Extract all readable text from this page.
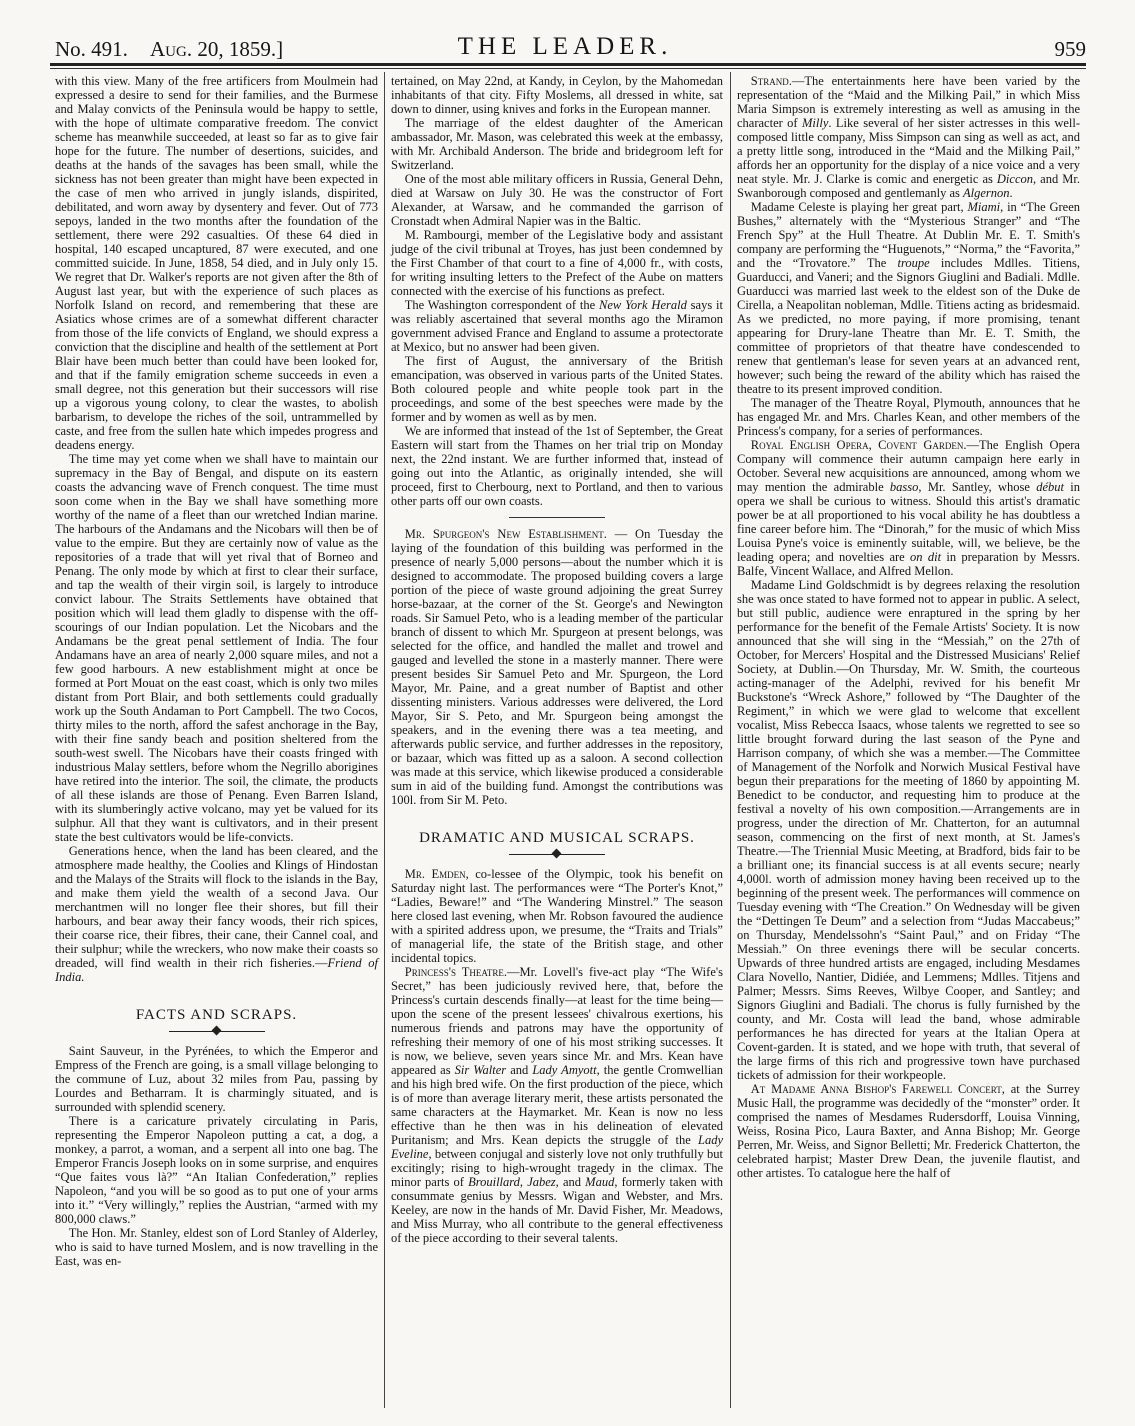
No. 491. Aug. 20, 1859.]	THE LEADER.	959

with this view. Many of the free artificers from Moulmein had expressed a desire to send for their families, and the Burmese and Malay convicts of the Peninsula would be happy to settle, with the hope of ultimate comparative freedom. The convict scheme has meanwhile succeeded, at least so far as to give fair hope for the future. The number of desertions, suicides, and deaths at the hands of the savages has been small, while the sickness has not been greater than might have been expected in the case of men who arrived in jungly islands, dispirited, debilitated, and worn away by dysentery and fever. Out of 773 sepoys, landed in the two months after the foundation of the settlement, there were 292 casualties. Of these 64 died in hospital, 140 escaped uncaptured, 87 were executed, and one committed suicide. In June, 1858, 54 died, and in July only 15. We regret that Dr. Walker's reports are not given after the 8th of August last year, but with the experience of such places as Norfolk Island on record, and remembering that these are Asiatics whose crimes are of a somewhat different character from those of the life convicts of England, we should express a conviction that the discipline and health of the settlement at Port Blair have been much better than could have been looked for, and that if the family emigration scheme succeeds in even a small degree, not this generation but their successors will rise up a vigorous young colony, to clear the wastes, to abolish barbarism, to develope the riches of the soil, untrammelled by caste, and free from the sullen hate which impedes progress and deadens energy.

The time may yet come when we shall have to maintain our supremacy in the Bay of Bengal, and dispute on its eastern coasts the advancing wave of French conquest. The time must soon come when in the Bay we shall have something more worthy of the name of a fleet than our wretched Indian marine. The harbours of the Andamans and the Nicobars will then be of value to the empire. But they are certainly now of value as the repositories of a trade that will yet rival that of Borneo and Penang. The only mode by which at first to clear their surface, and tap the wealth of their virgin soil, is largely to introduce convict labour. The Straits Settlements have obtained that position which will lead them gladly to dispense with the off-scourings of our Indian population. Let the Nicobars and the Andamans be the great penal settlement of India. The four Andamans have an area of nearly 2,000 square miles, and not a few good harbours. A new establishment might at once be formed at Port Mouat on the east coast, which is only two miles distant from Port Blair, and both settlements could gradually work up the South Andaman to Port Campbell. The two Cocos, thirty miles to the north, afford the safest anchorage in the Bay, with their fine sandy beach and position sheltered from the south-west swell. The Nicobars have their coasts fringed with industrious Malay settlers, before whom the Negrillo aborigines have retired into the interior. The soil, the climate, the products of all these islands are those of Penang. Even Barren Island, with its slumberingly active volcano, may yet be valued for its sulphur. All that they want is cultivators, and in their present state the best cultivators would be life-convicts.

Generations hence, when the land has been cleared, and the atmosphere made healthy, the Coolies and Klings of Hindostan and the Malays of the Straits will flock to the islands in the Bay, and make them yield the wealth of a second Java. Our merchantmen will no longer flee their shores, but fill their harbours, and bear away their fancy woods, their rich spices, their coarse rice, their fibres, their cane, their Cannel coal, and their sulphur; while the wreckers, who now make their coasts so dreaded, will find wealth in their rich fisheries.—Friend of India.

FACTS AND SCRAPS.

Saint Sauveur, in the Pyrénées, to which the Emperor and Empress of the French are going, is a small village belonging to the commune of Luz, about 32 miles from Pau, passing by Lourdes and Betharram. It is charmingly situated, and is surrounded with splendid scenery.

There is a caricature privately circulating in Paris, representing the Emperor Napoleon putting a cat, a dog, a monkey, a parrot, a woman, and a serpent all into one bag. The Emperor Francis Joseph looks on in some surprise, and enquires “Que faites vous là?” “An Italian Confederation,” replies Napoleon, “and you will be so good as to put one of your arms into it.” “Very willingly,” replies the Austrian, “armed with my 800,000 claws.”

The Hon. Mr. Stanley, eldest son of Lord Stanley of Alderley, who is said to have turned Moslem, and is now travelling in the East, was en-

tertained, on May 22nd, at Kandy, in Ceylon, by the Mahomedan inhabitants of that city. Fifty Moslems, all dressed in white, sat down to dinner, using knives and forks in the European manner.

The marriage of the eldest daughter of the American ambassador, Mr. Mason, was celebrated this week at the embassy, with Mr. Archibald Anderson. The bride and bridegroom left for Switzerland.

One of the most able military officers in Russia, General Dehn, died at Warsaw on July 30. He was the constructor of Fort Alexander, at Warsaw, and he commanded the garrison of Cronstadt when Admiral Napier was in the Baltic.

M. Rambourgi, member of the Legislative body and assistant judge of the civil tribunal at Troyes, has just been condemned by the First Chamber of that court to a fine of 4,000 fr., with costs, for writing insulting letters to the Prefect of the Aube on matters connected with the exercise of his functions as prefect.

The Washington correspondent of the New York Herald says it was reliably ascertained that several months ago the Miramon government advised France and England to assume a protectorate at Mexico, but no answer had been given.

The first of August, the anniversary of the British emancipation, was observed in various parts of the United States. Both coloured people and white people took part in the proceedings, and some of the best speeches were made by the former and by women as well as by men.

We are informed that instead of the 1st of September, the Great Eastern will start from the Thames on her trial trip on Monday next, the 22nd instant. We are further informed that, instead of going out into the Atlantic, as originally intended, she will proceed, first to Cherbourg, next to Portland, and then to various other parts off our own coasts.

Mr. Spurgeon's New Establishment. — On Tuesday the laying of the foundation of this building was performed in the presence of nearly 5,000 persons—about the number which it is designed to accommodate. The proposed building covers a large portion of the piece of waste ground adjoining the great Surrey horse-bazaar, at the corner of the St. George's and Newington roads. Sir Samuel Peto, who is a leading member of the particular branch of dissent to which Mr. Spurgeon at present belongs, was selected for the office, and handled the mallet and trowel and gauged and levelled the stone in a masterly manner. There were present besides Sir Samuel Peto and Mr. Spurgeon, the Lord Mayor, Mr. Paine, and a great number of Baptist and other dissenting ministers. Various addresses were delivered, the Lord Mayor, Sir S. Peto, and Mr. Spurgeon being amongst the speakers, and in the evening there was a tea meeting, and afterwards public service, and further addresses in the repository, or bazaar, which was fitted up as a saloon. A second collection was made at this service, which likewise produced a considerable sum in aid of the building fund. Amongst the contributions was 100l. from Sir M. Peto.

DRAMATIC AND MUSICAL SCRAPS.

Mr. Emden, co-lessee of the Olympic, took his benefit on Saturday night last. The performances were “The Porter's Knot,” “Ladies, Beware!” and “The Wandering Minstrel.” The season here closed last evening, when Mr. Robson favoured the audience with a spirited address upon, we presume, the “Traits and Trials” of managerial life, the state of the British stage, and other incidental topics.

Princess's Theatre.—Mr. Lovell's five-act play “The Wife's Secret,” has been judiciously revived here, that, before the Princess's curtain descends finally—at least for the time being—upon the scene of the present lessees' chivalrous exertions, his numerous friends and patrons may have the opportunity of refreshing their memory of one of his most striking successes. It is now, we believe, seven years since Mr. and Mrs. Kean have appeared as Sir Walter and Lady Amyott, the gentle Cromwellian and his high bred wife. On the first production of the piece, which is of more than average literary merit, these artists personated the same characters at the Haymarket. Mr. Kean is now no less effective than he then was in his delineation of elevated Puritanism; and Mrs. Kean depicts the struggle of the Lady Eveline, between conjugal and sisterly love not only truthfully but excitingly; rising to high-wrought tragedy in the climax. The minor parts of Brouillard, Jabez, and Maud, formerly taken with consummate genius by Messrs. Wigan and Webster, and Mrs. Keeley, are now in the hands of Mr. David Fisher, Mr. Meadows, and Miss Murray, who all contribute to the general effectiveness of the piece according to their several talents.

Strand.—The entertainments here have been varied by the representation of the “Maid and the Milking Pail,” in which Miss Maria Simpson is extremely interesting as well as amusing in the character of Milly. Like several of her sister actresses in this well-composed little company, Miss Simpson can sing as well as act, and a pretty little song, introduced in the “Maid and the Milking Pail,” affords her an opportunity for the display of a nice voice and a very neat style. Mr. J. Clarke is comic and energetic as Diccon, and Mr. Swanborough composed and gentlemanly as Algernon.

Madame Celeste is playing her great part, Miami, in “The Green Bushes,” alternately with the “Mysterious Stranger” and “The French Spy” at the Hull Theatre. At Dublin Mr. E. T. Smith's company are performing the “Huguenots,” “Norma,” the “Favorita,” and the “Trovatore.” The troupe includes Mdlles. Titiens, Guarducci, and Vaneri; and the Signors Giuglini and Badiali. Mdlle. Guarducci was married last week to the eldest son of the Duke de Cirella, a Neapolitan nobleman, Mdlle. Titiens acting as bridesmaid. As we predicted, no more paying, if more promising, tenant appearing for Drury-lane Theatre than Mr. E. T. Smith, the committee of proprietors of that theatre have condescended to renew that gentleman's lease for seven years at an advanced rent, however; such being the reward of the ability which has raised the theatre to its present improved condition.

The manager of the Theatre Royal, Plymouth, announces that he has engaged Mr. and Mrs. Charles Kean, and other members of the Princess's company, for a series of performances.

Royal English Opera, Covent Garden.—The English Opera Company will commence their autumn campaign here early in October. Several new acquisitions are announced, among whom we may mention the admirable basso, Mr. Santley, whose début in opera we shall be curious to witness. Should this artist's dramatic power be at all proportioned to his vocal ability he has doubtless a fine career before him. The “Dinorah,” for the music of which Miss Louisa Pyne's voice is eminently suitable, will, we believe, be the leading opera; and novelties are on dit in preparation by Messrs. Balfe, Vincent Wallace, and Alfred Mellon.

Madame Lind Goldschmidt is by degrees relaxing the resolution she was once stated to have formed not to appear in public. A select, but still public, audience were enraptured in the spring by her performance for the benefit of the Female Artists' Society. It is now announced that she will sing in the “Messiah,” on the 27th of October, for Mercers' Hospital and the Distressed Musicians' Relief Society, at Dublin.—On Thursday, Mr. W. Smith, the courteous acting-manager of the Adelphi, revived for his benefit Mr Buckstone's “Wreck Ashore,” followed by “The Daughter of the Regiment,” in which we were glad to welcome that excellent vocalist, Miss Rebecca Isaacs, whose talents we regretted to see so little brought forward during the last season of the Pyne and Harrison company, of which she was a member.—The Committee of Management of the Norfolk and Norwich Musical Festival have begun their preparations for the meeting of 1860 by appointing M. Benedict to be conductor, and requesting him to produce at the festival a novelty of his own composition.—Arrangements are in progress, under the direction of Mr. Chatterton, for an autumnal season, commencing on the first of next month, at St. James's Theatre.—The Triennial Music Meeting, at Bradford, bids fair to be a brilliant one; its financial success is at all events secure; nearly 4,000l. worth of admission money having been received up to the beginning of the present week. The performances will commence on Tuesday evening with “The Creation.” On Wednesday will be given the “Dettingen Te Deum” and a selection from “Judas Maccabeus;” on Thursday, Mendelssohn's “Saint Paul,” and on Friday “The Messiah.” On three evenings there will be secular concerts. Upwards of three hundred artists are engaged, including Mesdames Clara Novello, Nantier, Didiée, and Lemmens; Mdlles. Titjens and Palmer; Messrs. Sims Reeves, Wilbye Cooper, and Santley; and Signors Giuglini and Badiali. The chorus is fully furnished by the county, and Mr. Costa will lead the band, whose admirable performances he has directed for years at the Italian Opera at Covent-garden. It is stated, and we hope with truth, that several of the large firms of this rich and progressive town have purchased tickets of admission for their workpeople.

At Madame Anna Bishop's Farewell Concert, at the Surrey Music Hall, the programme was decidedly of the “monster” order. It comprised the names of Mesdames Rudersdorff, Louisa Vinning, Weiss, Rosina Pico, Laura Baxter, and Anna Bishop; Mr. George Perren, Mr. Weiss, and Signor Belletti; Mr. Frederick Chatterton, the celebrated harpist; Master Drew Dean, the juvenile flautist, and other artistes. To catalogue here the half of
